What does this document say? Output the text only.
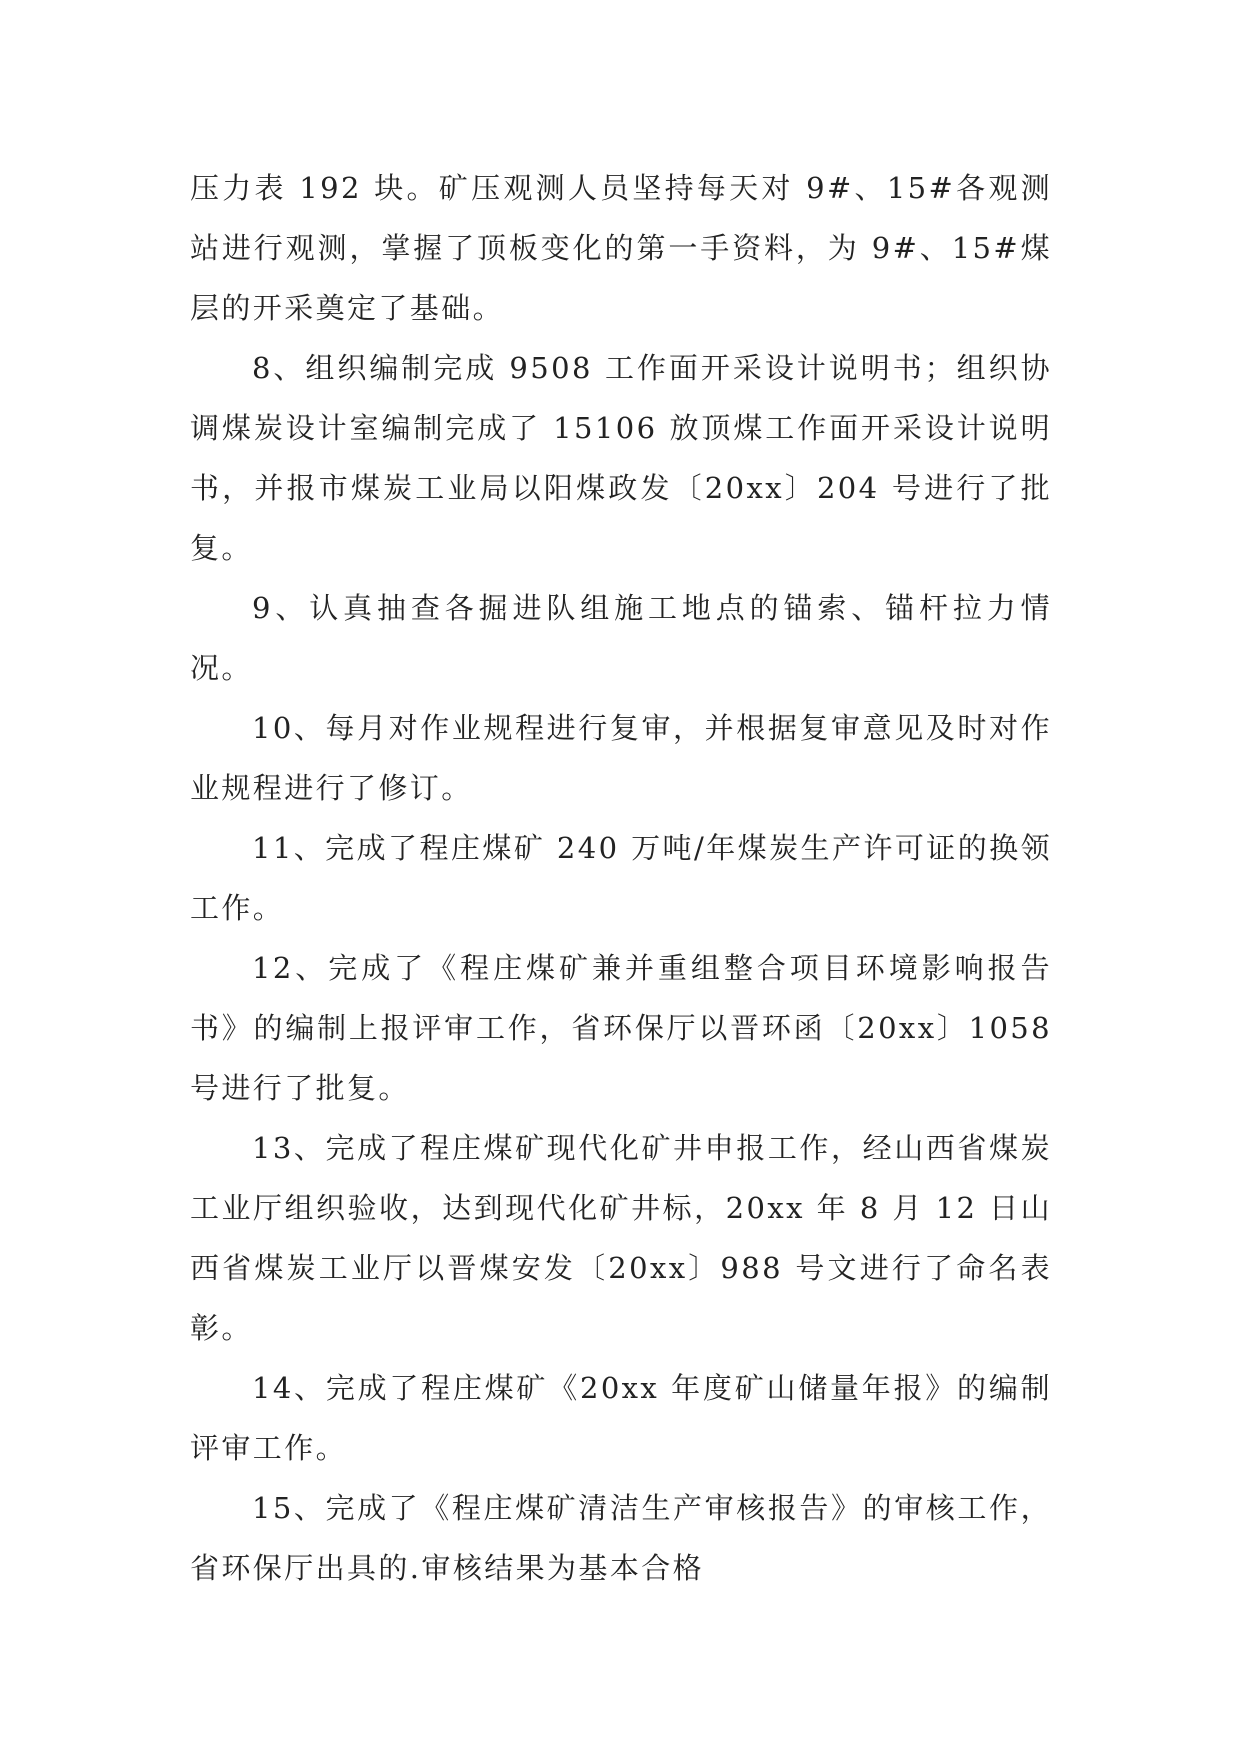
压力表 192 块。矿压观测人员坚持每天对 9#、15#各观测站进行观测，掌握了顶板变化的第一手资料，为 9#、15#煤层的开采奠定了基础。

8、组织编制完成 9508 工作面开采设计说明书；组织协调煤炭设计室编制完成了 15106 放顶煤工作面开采设计说明书，并报市煤炭工业局以阳煤政发〔20xx〕204 号进行了批复。

9、认真抽查各掘进队组施工地点的锚索、锚杆拉力情况。

10、每月对作业规程进行复审，并根据复审意见及时对作业规程进行了修订。

11、完成了程庄煤矿 240 万吨/年煤炭生产许可证的换领工作。

12、完成了《程庄煤矿兼并重组整合项目环境影响报告书》的编制上报评审工作，省环保厅以晋环函〔20xx〕1058 号进行了批复。

13、完成了程庄煤矿现代化矿井申报工作，经山西省煤炭工业厅组织验收，达到现代化矿井标，20xx 年 8 月 12 日山西省煤炭工业厅以晋煤安发〔20xx〕988 号文进行了命名表彰。

14、完成了程庄煤矿《20xx 年度矿山储量年报》的编制评审工作。

15、完成了《程庄煤矿清洁生产审核报告》的审核工作，省环保厅出具的.审核结果为基本合格
